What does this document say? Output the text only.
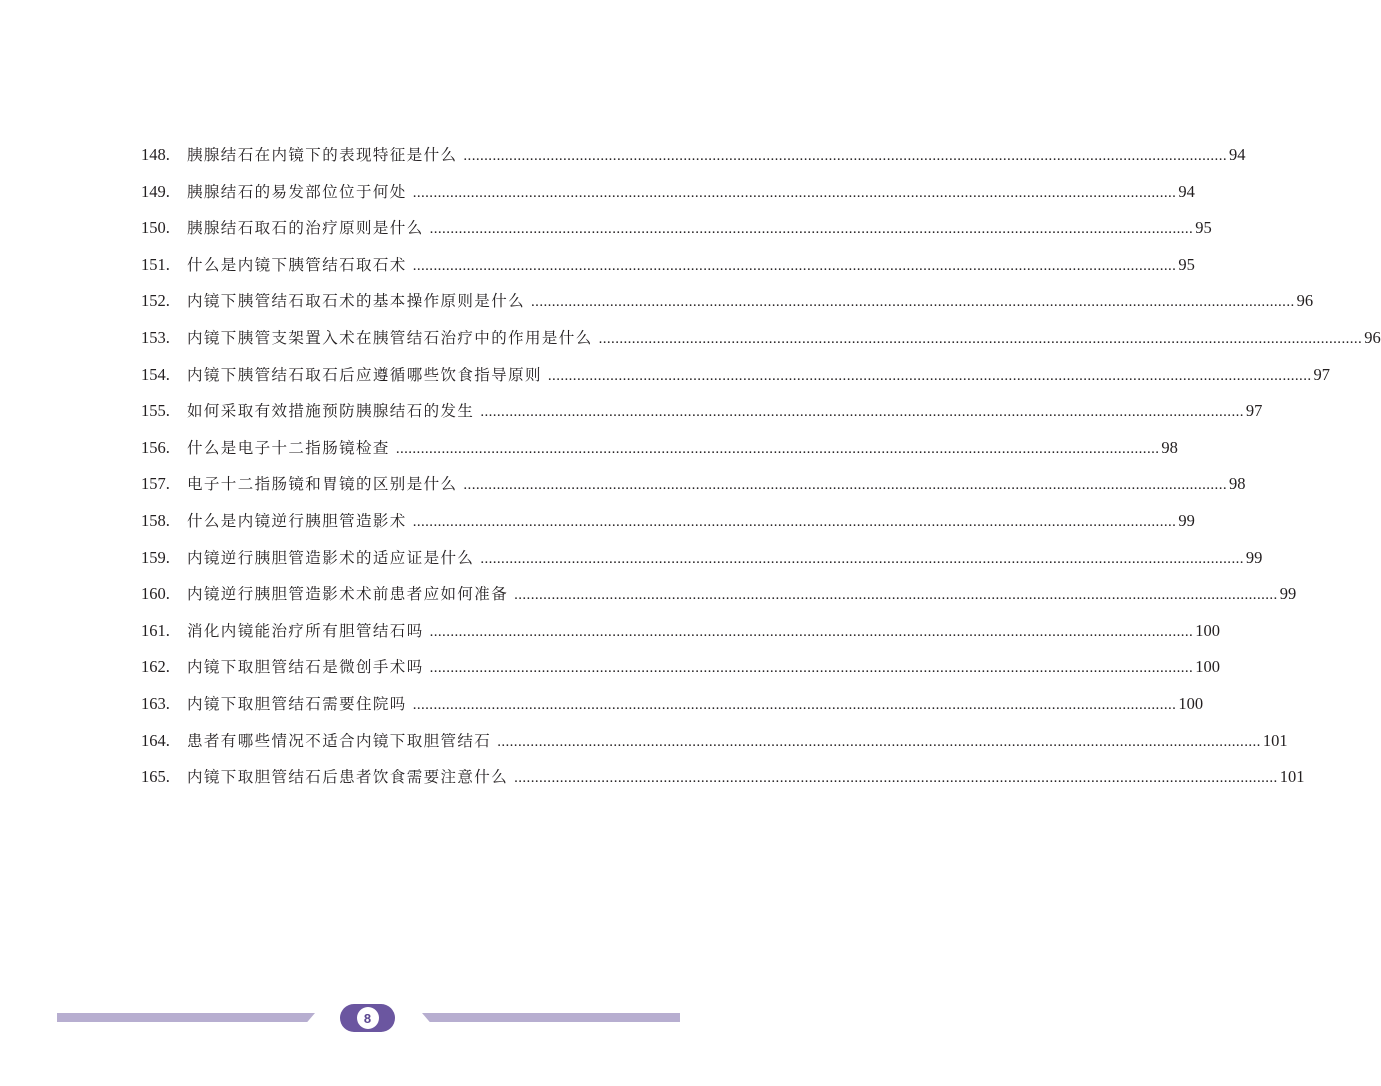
148.	胰腺结石在内镜下的表现特征是什么 .....	94
149.	胰腺结石的易发部位位于何处 .....	94
150.	胰腺结石取石的治疗原则是什么 .....	95
151.	什么是内镜下胰管结石取石术 .....	95
152.	内镜下胰管结石取石术的基本操作原则是什么 .....	96
153.	内镜下胰管支架置入术在胰管结石治疗中的作用是什么 .....	96
154.	内镜下胰管结石取石后应遵循哪些饮食指导原则 .....	97
155.	如何采取有效措施预防胰腺结石的发生 .....	97
156.	什么是电子十二指肠镜检查 .....	98
157.	电子十二指肠镜和胃镜的区别是什么 .....	98
158.	什么是内镜逆行胰胆管造影术 .....	99
159.	内镜逆行胰胆管造影术的适应证是什么 .....	99
160.	内镜逆行胰胆管造影术术前患者应如何准备 .....	99
161.	消化内镜能治疗所有胆管结石吗 .....	100
162.	内镜下取胆管结石是微创手术吗 .....	100
163.	内镜下取胆管结石需要住院吗 .....	100
164.	患者有哪些情况不适合内镜下取胆管结石 .....	101
165.	内镜下取胆管结石后患者饮食需要注意什么 .....	101
8
